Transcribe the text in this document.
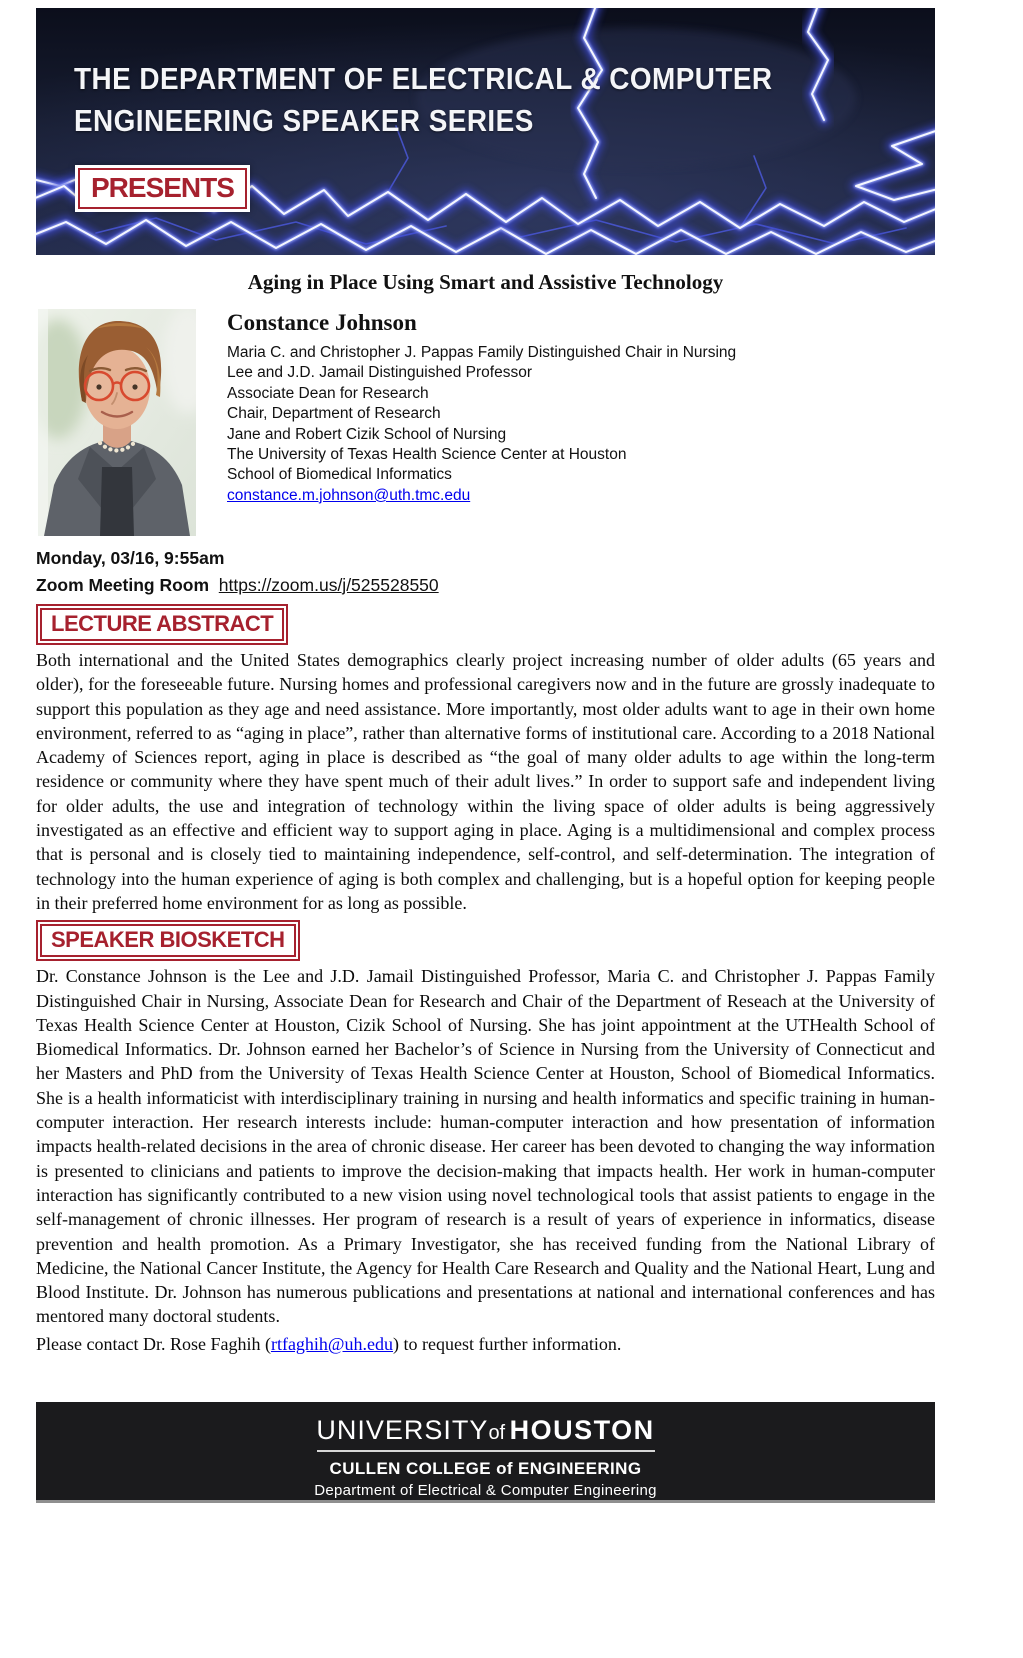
THE DEPARTMENT OF ELECTRICAL & COMPUTER
ENGINEERING SPEAKER SERIES
PRESENTS
Aging in Place Using Smart and Assistive Technology
Constance Johnson
Maria C. and Christopher J. Pappas Family Distinguished Chair in Nursing
Lee and J.D. Jamail Distinguished Professor
Associate Dean for Research
Chair, Department of Research
Jane and Robert Cizik School of Nursing
The University of Texas Health Science Center at Houston
School of Biomedical Informatics
constance.m.johnson@uth.tmc.edu
Monday, 03/16, 9:55am
Zoom Meeting Room https://zoom.us/j/525528550
LECTURE ABSTRACT

Both international and the United States demographics clearly project increasing number of older adults (65 years and older), for the foreseeable future. Nursing homes and professional caregivers now and in the future are grossly inadequate to support this population as they age and need assistance. More importantly, most older adults want to age in their own home environment, referred to as “aging in place”, rather than alternative forms of institutional care. According to a 2018 National Academy of Sciences report, aging in place is described as “the goal of many older adults to age within the long-term residence or community where they have spent much of their adult lives.” In order to support safe and independent living for older adults, the use and integration of technology within the living space of older adults is being aggressively investigated as an effective and efficient way to support aging in place. Aging is a multidimensional and complex process that is personal and is closely tied to maintaining independence, self-control, and self-determination. The integration of technology into the human experience of aging is both complex and challenging, but is a hopeful option for keeping people in their preferred home environment for as long as possible.

SPEAKER BIOSKETCH

Dr. Constance Johnson is the Lee and J.D. Jamail Distinguished Professor, Maria C. and Christopher J. Pappas Family Distinguished Chair in Nursing, Associate Dean for Research and Chair of the Department of Reseach at the University of Texas Health Science Center at Houston, Cizik School of Nursing. She has joint appointment at the UTHealth School of Biomedical Informatics. Dr. Johnson earned her Bachelor’s of Science in Nursing from the University of Connecticut and her Masters and PhD from the University of Texas Health Science Center at Houston, School of Biomedical Informatics. She is a health informaticist with interdisciplinary training in nursing and health informatics and specific training in human-computer interaction. Her research interests include: human-computer interaction and how presentation of information impacts health-related decisions in the area of chronic disease. Her career has been devoted to changing the way information is presented to clinicians and patients to improve the decision-making that impacts health. Her work in human-computer interaction has significantly contributed to a new vision using novel technological tools that assist patients to engage in the self-management of chronic illnesses. Her program of research is a result of years of experience in informatics, disease prevention and health promotion. As a Primary Investigator, she has received funding from the National Library of Medicine, the National Cancer Institute, the Agency for Health Care Research and Quality and the National Heart, Lung and Blood Institute. Dr. Johnson has numerous publications and presentations at national and international conferences and has mentored many doctoral students.

Please contact Dr. Rose Faghih (rtfaghih@uh.edu) to request further information.

UNIVERSITYof HOUSTON
CULLEN COLLEGE of ENGINEERING
Department of Electrical & Computer Engineering
